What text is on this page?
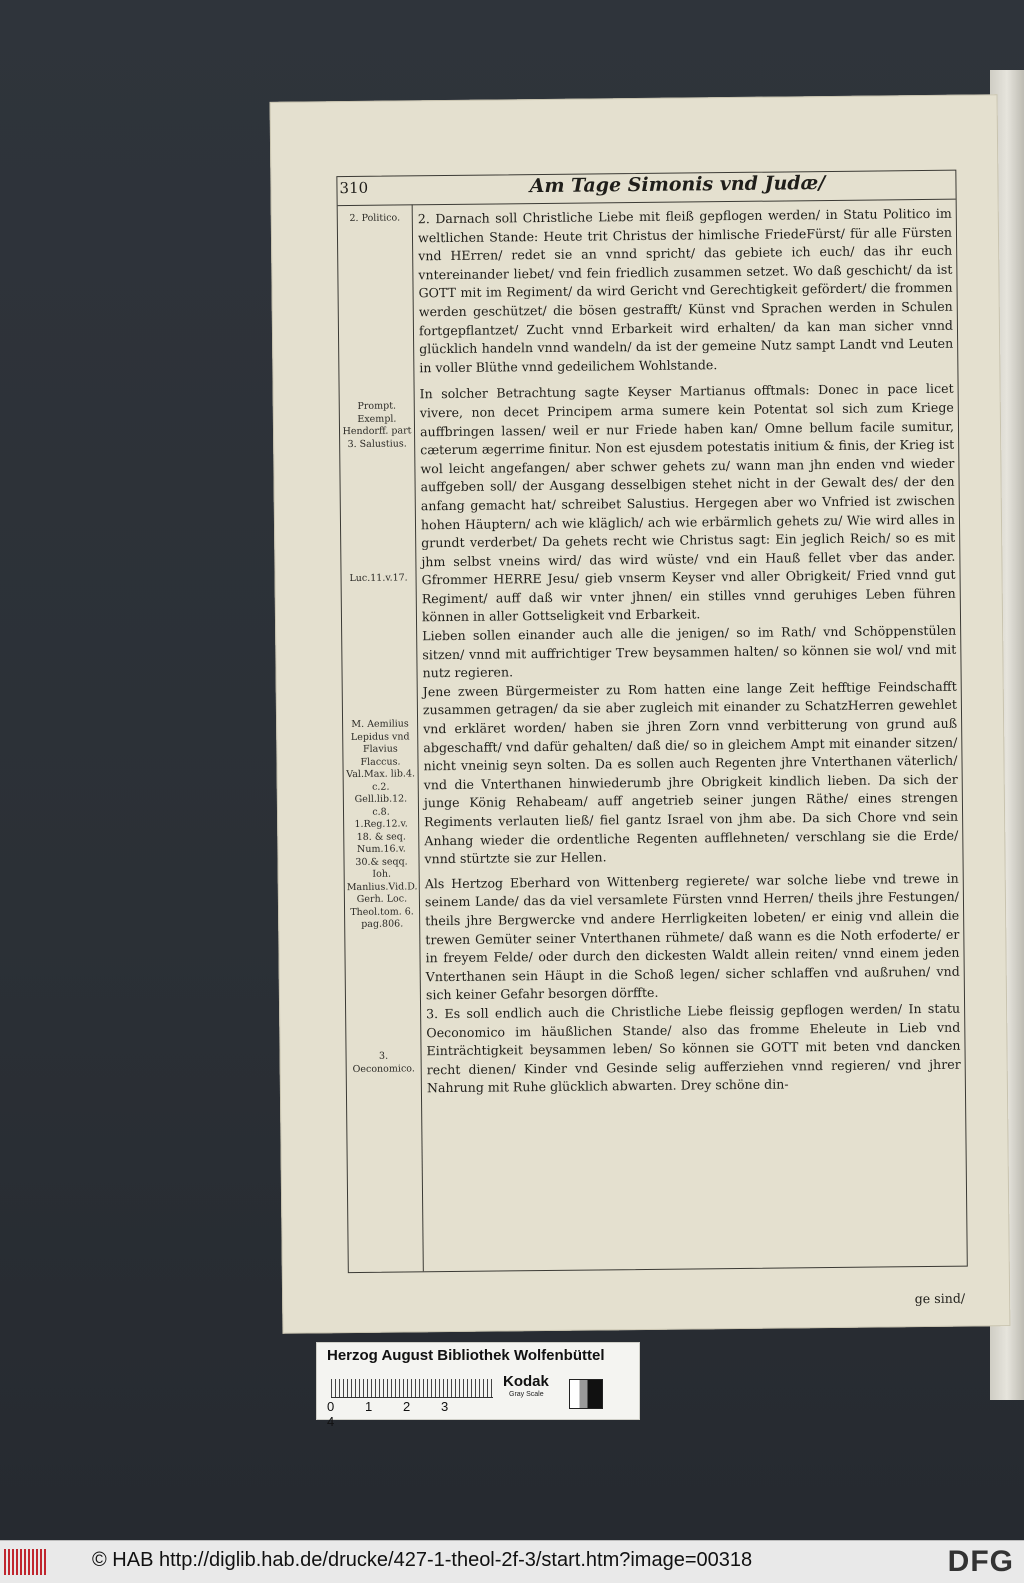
310	Am Tage Simonis vnd Judæ/
2. Politico.
Prompt. Exempl. Hendorff. part 3. Salustius.
Luc.11.v.17.
M. Aemilius Lepidus vnd Flavius Flaccus. Val.Max. lib.4. c.2. Gell.lib.12. c.8. 1.Reg.12.v. 18. & seq. Num.16.v. 30.& seqq. Ioh. Manlius.Vid.D. Gerh. Loc. Theol.tom. 6. pag.806.
3. Oeconomico.

2. Darnach soll Christliche Liebe mit fleiß gepflogen werden/ in Statu Politico im weltlichen Stande: Heute trit Christus der himlische FriedeFürst/ für alle Fürsten vnd HErren/ redet sie an vnnd spricht/ das gebiete ich euch/ das ihr euch vntereinander liebet/ vnd fein friedlich zusammen setzet. Wo daß geschicht/ da ist GOTT mit im Regiment/ da wird Gericht vnd Gerechtigkeit gefördert/ die frommen werden geschützet/ die bösen gestrafft/ Künst vnd Sprachen werden in Schulen fortgepflantzet/ Zucht vnnd Erbarkeit wird erhalten/ da kan man sicher vnnd glücklich handeln vnnd wandeln/ da ist der gemeine Nutz sampt Landt vnd Leuten in voller Blüthe vnnd gedeilichem Wohlstande.

In solcher Betrachtung sagte Keyser Martianus offtmals: Donec in pace licet vivere, non decet Principem arma sumere kein Potentat sol sich zum Kriege auffbringen lassen/ weil er nur Friede haben kan/ Omne bellum facile sumitur, cæterum ægerrime finitur. Non est ejusdem potestatis initium & finis, der Krieg ist wol leicht angefangen/ aber schwer gehets zu/ wann man jhn enden vnd wieder auffgeben soll/ der Ausgang desselbigen stehet nicht in der Gewalt des/ der den anfang gemacht hat/ schreibet Salustius. Hergegen aber wo Vnfried ist zwischen hohen Häuptern/ ach wie kläglich/ ach wie erbärmlich gehets zu/ Wie wird alles in grundt verderbet/ Da gehets recht wie Christus sagt: Ein jeglich Reich/ so es mit jhm selbst vneins wird/ das wird wüste/ vnd ein Hauß fellet vber das ander. Gfrommer HERRE Jesu/ gieb vnserm Keyser vnd aller Obrigkeit/ Fried vnnd gut Regiment/ auff daß wir vnter jhnen/ ein stilles vnnd geruhiges Leben führen können in aller Gottseligkeit vnd Erbarkeit.

Lieben sollen einander auch alle die jenigen/ so im Rath/ vnd Schöppenstülen sitzen/ vnnd mit auffrichtiger Trew beysammen halten/ so können sie wol/ vnd mit nutz regieren.

Jene zween Bürgermeister zu Rom hatten eine lange Zeit hefftige Feindschafft zusammen getragen/ da sie aber zugleich mit einander zu SchatzHerren gewehlet vnd erkläret worden/ haben sie jhren Zorn vnnd verbitterung von grund auß abgeschafft/ vnd dafür gehalten/ daß die/ so in gleichem Ampt mit einander sitzen/ nicht vneinig seyn solten. Da es sollen auch Regenten jhre Vnterthanen väterlich/ vnd die Vnterthanen hinwiederumb jhre Obrigkeit kindlich lieben. Da sich der junge König Rehabeam/ auff angetrieb seiner jungen Räthe/ eines strengen Regiments verlauten ließ/ fiel gantz Israel von jhm abe. Da sich Chore vnd sein Anhang wieder die ordentliche Regenten aufflehneten/ verschlang sie die Erde/ vnnd stürtzte sie zur Hellen.

Als Hertzog Eberhard von Wittenberg regierete/ war solche liebe vnd trewe in seinem Lande/ das da viel versamlete Fürsten vnnd Herren/ theils jhre Festungen/ theils jhre Bergwercke vnd andere Herrligkeiten lobeten/ er einig vnd allein die trewen Gemüter seiner Vnterthanen rühmete/ daß wann es die Noth erfoderte/ er in freyem Felde/ oder durch den dickesten Waldt allein reiten/ vnnd einem jeden Vnterthanen sein Häupt in die Schoß legen/ sicher schlaffen vnd außruhen/ vnd sich keiner Gefahr besorgen dörffte.

3. Es soll endlich auch die Christliche Liebe fleissig gepflogen werden/ In statu Oeconomico im häußlichen Stande/ also das fromme Eheleute in Lieb vnd Einträchtigkeit beysammen leben/ So können sie GOTT mit beten vnd dancken recht dienen/ Kinder vnd Gesinde selig aufferziehen vnnd regieren/ vnd jhrer Nahrung mit Ruhe glücklich abwarten. Drey schöne din-

ge sind/
Herzog August Bibliothek Wolfenbüttel
0 1 2 34
Kodak
Gray Scale
© HAB http://diglib.hab.de/drucke/427-1-theol-2f-3/start.htm?image=00318	DFG
